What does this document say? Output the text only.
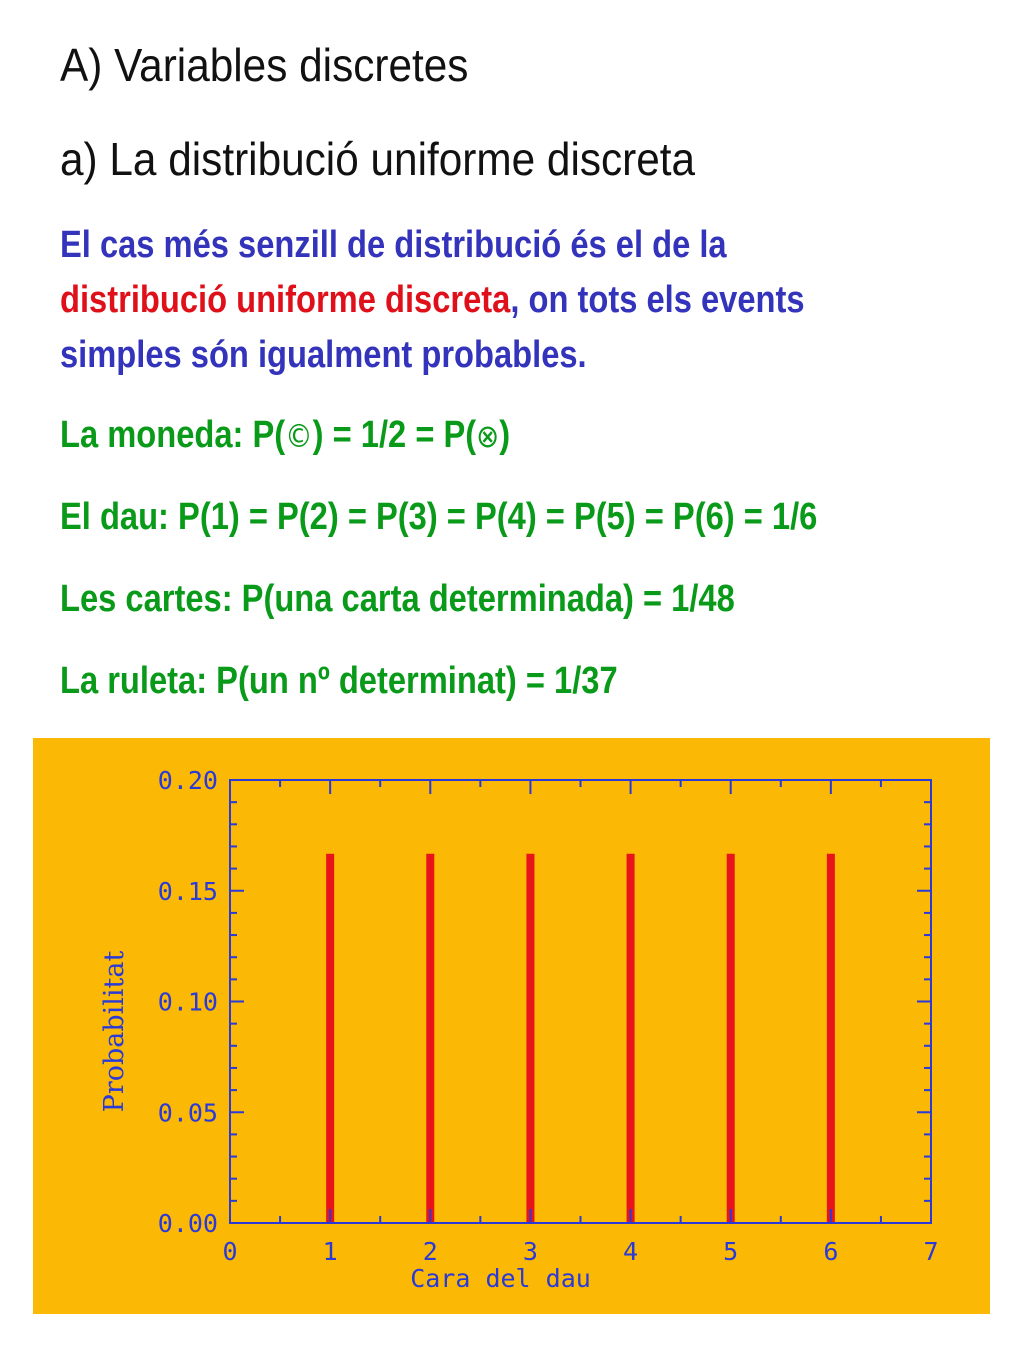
A) Variables discretes
a) La distribució uniforme discreta
El cas més senzill de distribució és el de la
distribució uniforme discreta, on tots els events
simples són igualment probables.
La moneda: P(©) = 1/2 = P(⊗)
El dau: P(1) = P(2) = P(3) = P(4) = P(5) = P(6) = 1/6
Les cartes: P(una carta determinada) = 1/48
La ruleta: P(un nº determinat) = 1/37
0	1	2	3	4	5	6	7
0.00
0.05
0.10
0.15
0.20
Cara del dau
Probabilitat
